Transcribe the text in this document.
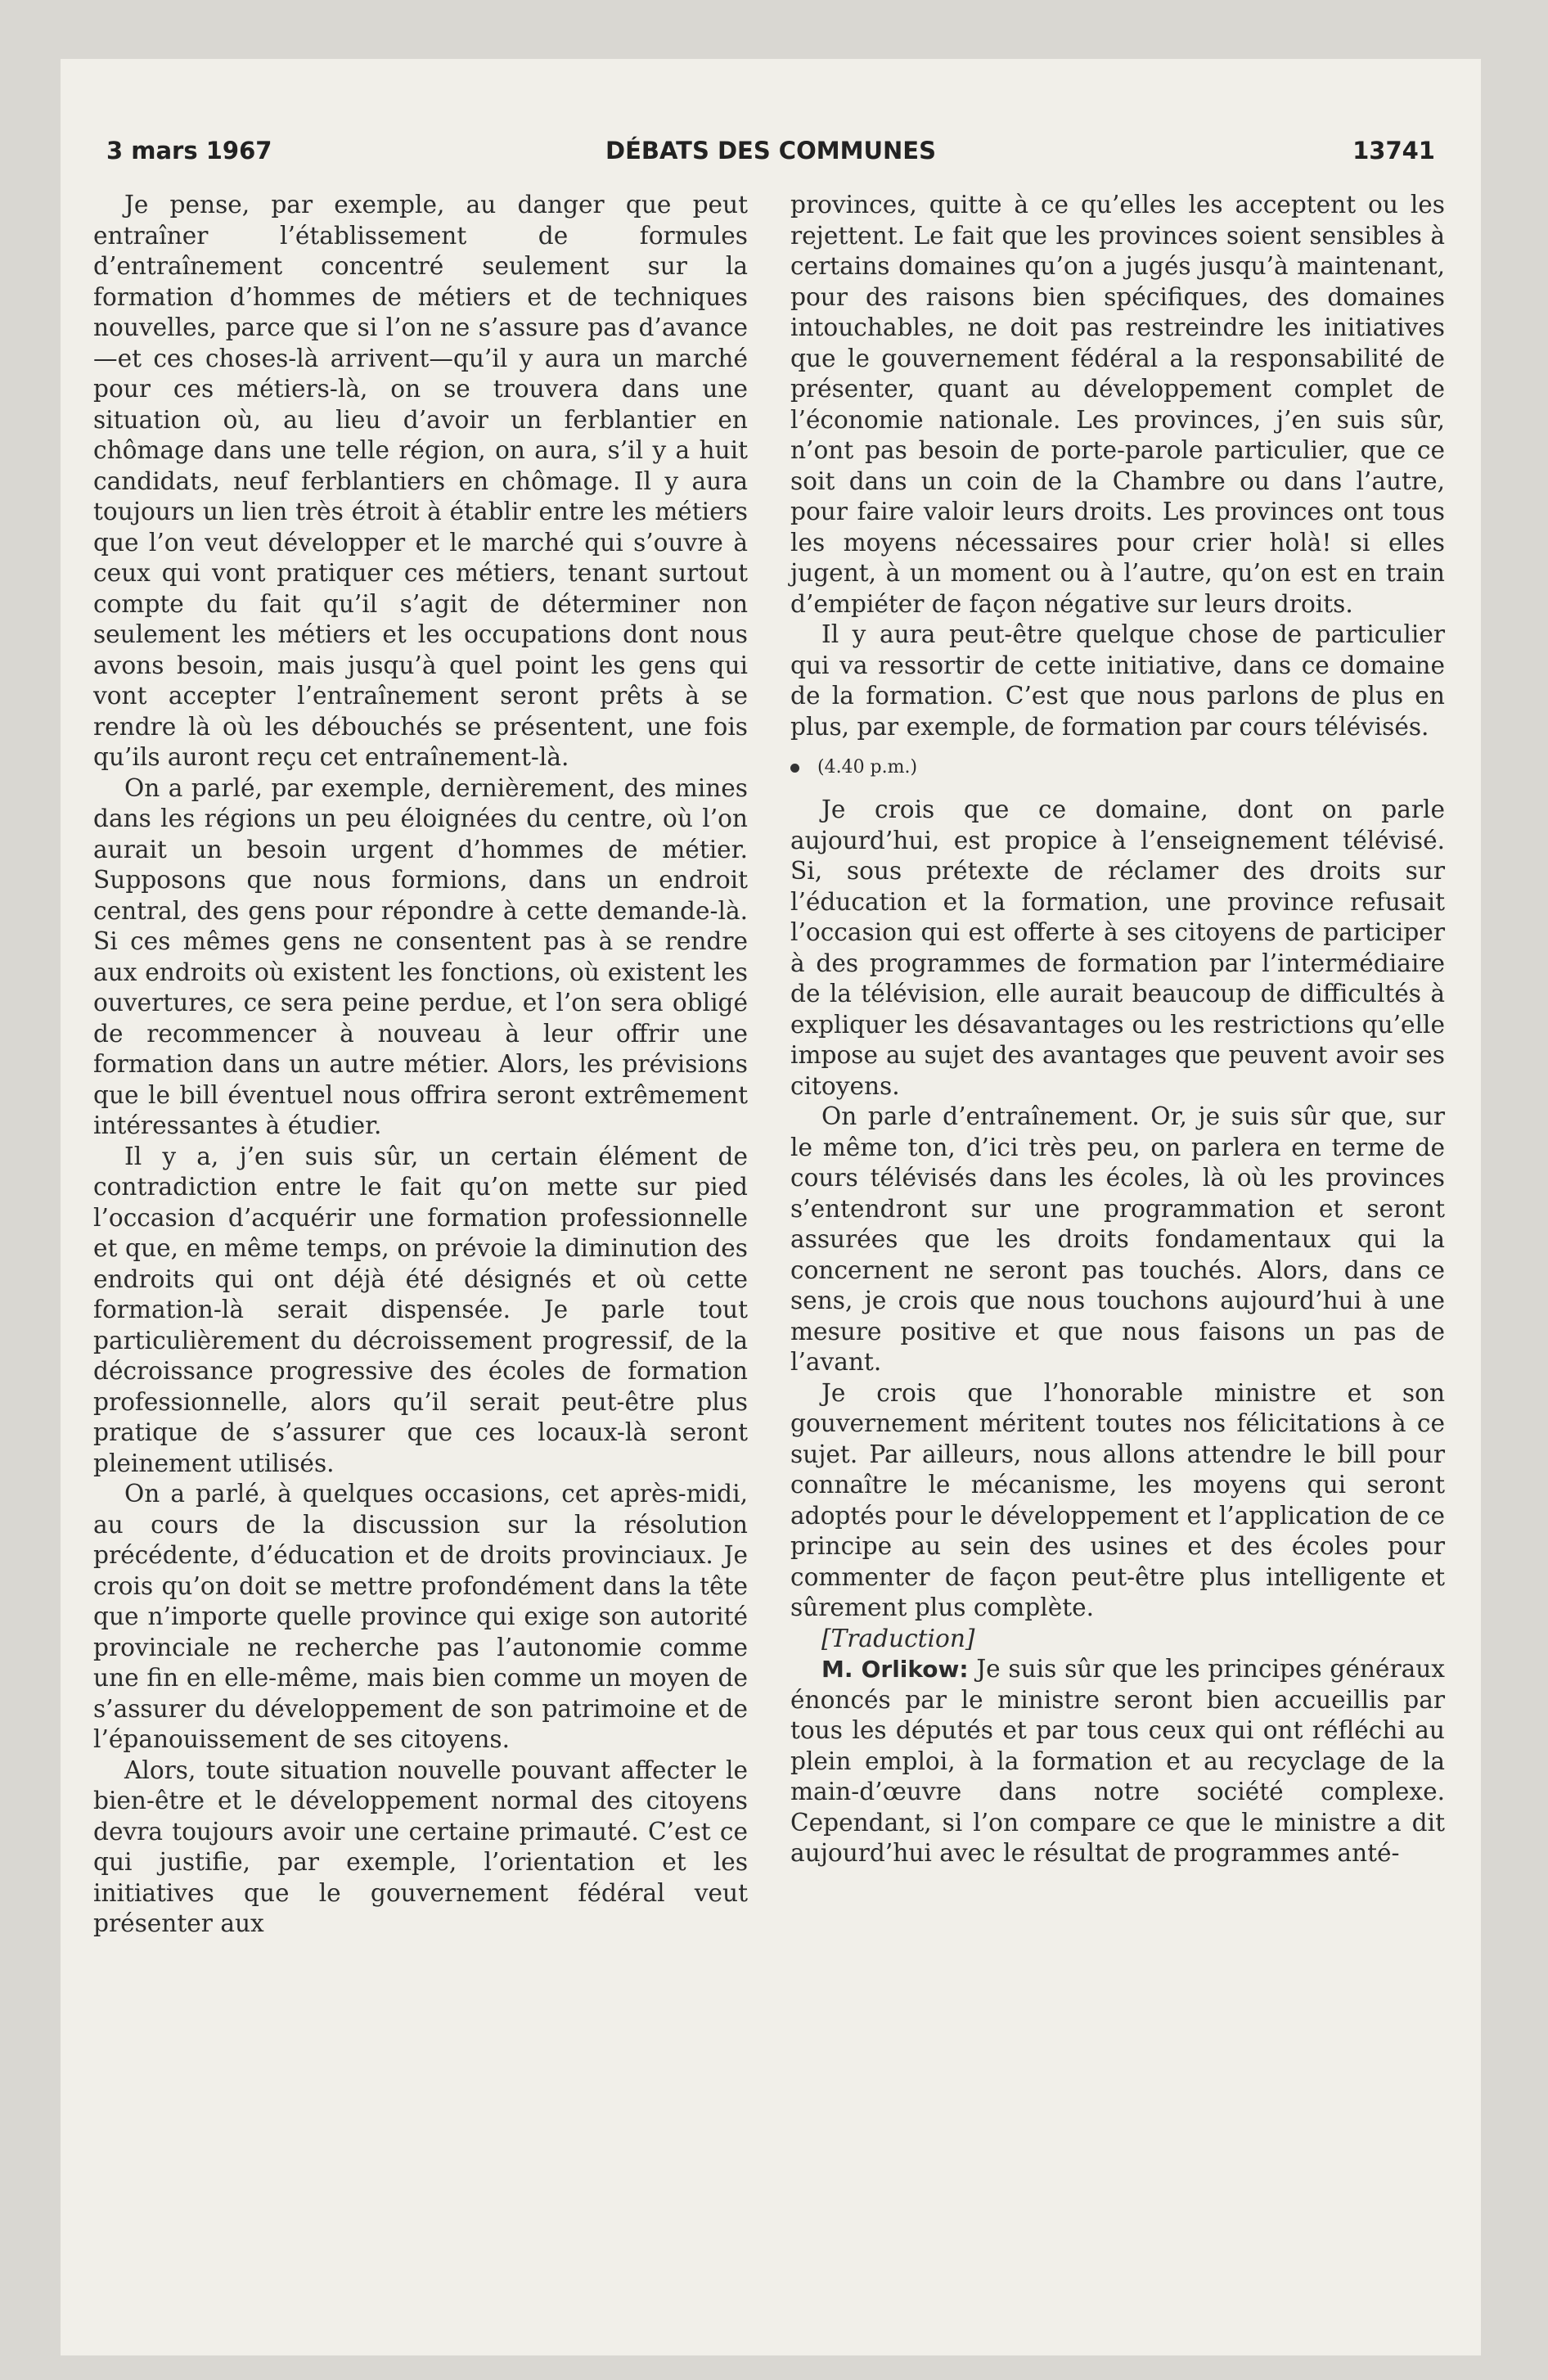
3 mars 1967	DÉBATS DES COMMUNES	13741

Je pense, par exemple, au danger que peut entraîner l’établissement de formules d’entraînement concentré seulement sur la formation d’hommes de métiers et de techniques nouvelles, parce que si l’on ne s’assure pas d’avance—et ces choses-là arrivent—qu’il y aura un marché pour ces métiers-là, on se trouvera dans une situation où, au lieu d’avoir un ferblantier en chômage dans une telle région, on aura, s’il y a huit candidats, neuf ferblantiers en chômage. Il y aura toujours un lien très étroit à établir entre les métiers que l’on veut développer et le marché qui s’ouvre à ceux qui vont pratiquer ces métiers, tenant surtout compte du fait qu’il s’agit de déterminer non seulement les métiers et les occupations dont nous avons besoin, mais jusqu’à quel point les gens qui vont accepter l’entraînement seront prêts à se rendre là où les débouchés se présentent, une fois qu’ils auront reçu cet entraînement-là.

On a parlé, par exemple, dernièrement, des mines dans les régions un peu éloignées du centre, où l’on aurait un besoin urgent d’hommes de métier. Supposons que nous formions, dans un endroit central, des gens pour répondre à cette demande-là. Si ces mêmes gens ne consentent pas à se rendre aux endroits où existent les fonctions, où existent les ouvertures, ce sera peine perdue, et l’on sera obligé de recommencer à nouveau à leur offrir une formation dans un autre métier. Alors, les prévisions que le bill éventuel nous offrira seront extrêmement intéressantes à étudier.

Il y a, j’en suis sûr, un certain élément de contradiction entre le fait qu’on mette sur pied l’occasion d’acquérir une formation professionnelle et que, en même temps, on prévoie la diminution des endroits qui ont déjà été désignés et où cette formation-là serait dispensée. Je parle tout particulièrement du décroissement progressif, de la décroissance progressive des écoles de formation professionnelle, alors qu’il serait peut-être plus pratique de s’assurer que ces locaux-là seront pleinement utilisés.

On a parlé, à quelques occasions, cet après-midi, au cours de la discussion sur la résolution précédente, d’éducation et de droits provinciaux. Je crois qu’on doit se mettre profondément dans la tête que n’importe quelle province qui exige son autorité provinciale ne recherche pas l’autonomie comme une fin en elle-même, mais bien comme un moyen de s’assurer du développement de son patrimoine et de l’épanouissement de ses citoyens.

Alors, toute situation nouvelle pouvant affecter le bien-être et le développement normal des citoyens devra toujours avoir une certaine primauté. C’est ce qui justifie, par exemple, l’orientation et les initiatives que le gouvernement fédéral veut présenter aux

provinces, quitte à ce qu’elles les acceptent ou les rejettent. Le fait que les provinces soient sensibles à certains domaines qu’on a jugés jusqu’à maintenant, pour des raisons bien spécifiques, des domaines intouchables, ne doit pas restreindre les initiatives que le gouvernement fédéral a la responsabilité de présenter, quant au développement complet de l’économie nationale. Les provinces, j’en suis sûr, n’ont pas besoin de porte-parole particulier, que ce soit dans un coin de la Chambre ou dans l’autre, pour faire valoir leurs droits. Les provinces ont tous les moyens nécessaires pour crier holà! si elles jugent, à un moment ou à l’autre, qu’on est en train d’empiéter de façon négative sur leurs droits.

Il y aura peut-être quelque chose de particulier qui va ressortir de cette initiative, dans ce domaine de la formation. C’est que nous parlons de plus en plus, par exemple, de formation par cours télévisés.

(4.40 p.m.)

Je crois que ce domaine, dont on parle aujourd’hui, est propice à l’enseignement télévisé. Si, sous prétexte de réclamer des droits sur l’éducation et la formation, une province refusait l’occasion qui est offerte à ses citoyens de participer à des programmes de formation par l’intermédiaire de la télévision, elle aurait beaucoup de difficultés à expliquer les désavantages ou les restrictions qu’elle impose au sujet des avantages que peuvent avoir ses citoyens.

On parle d’entraînement. Or, je suis sûr que, sur le même ton, d’ici très peu, on parlera en terme de cours télévisés dans les écoles, là où les provinces s’entendront sur une programmation et seront assurées que les droits fondamentaux qui la concernent ne seront pas touchés. Alors, dans ce sens, je crois que nous touchons aujourd’hui à une mesure positive et que nous faisons un pas de l’avant.

Je crois que l’honorable ministre et son gouvernement méritent toutes nos félicitations à ce sujet. Par ailleurs, nous allons attendre le bill pour connaître le mécanisme, les moyens qui seront adoptés pour le développement et l’application de ce principe au sein des usines et des écoles pour commenter de façon peut-être plus intelligente et sûrement plus complète.

[Traduction]

M. Orlikow: Je suis sûr que les principes généraux énoncés par le ministre seront bien accueillis par tous les députés et par tous ceux qui ont réfléchi au plein emploi, à la formation et au recyclage de la main-d’œuvre dans notre société complexe. Cependant, si l’on compare ce que le ministre a dit aujourd’hui avec le résultat de programmes anté-
